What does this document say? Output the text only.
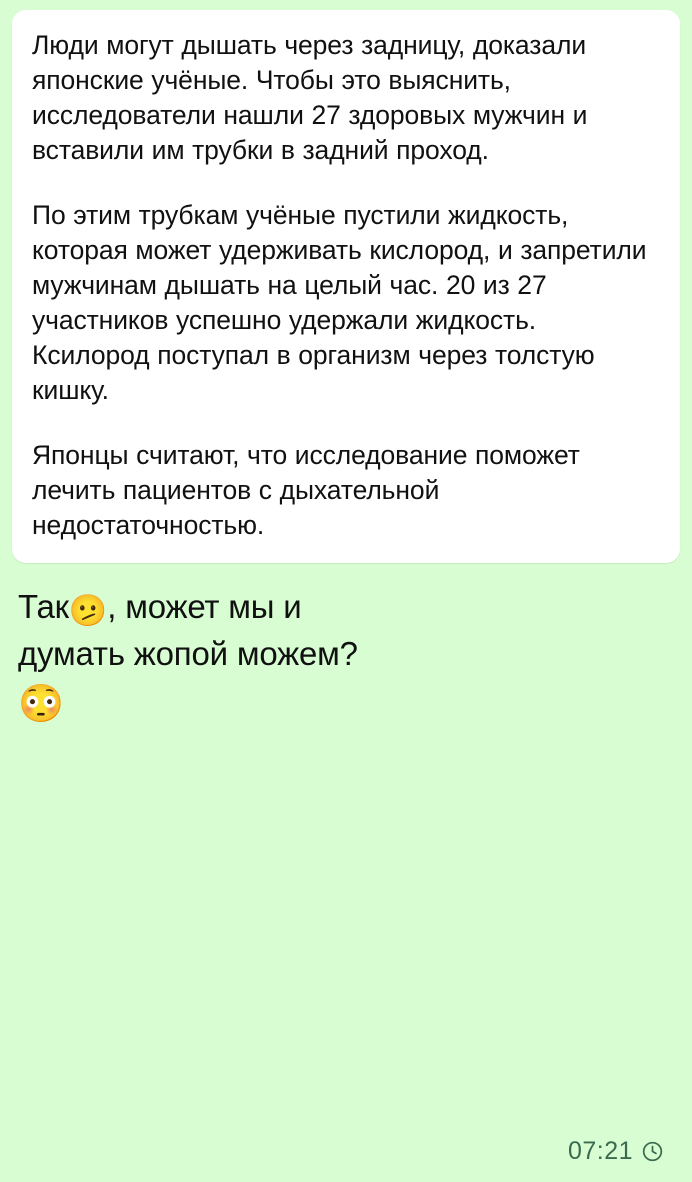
Люди могут дышать через задницу, доказали японские учёные. Чтобы это выяснить, исследователи нашли 27 здоровых мужчин и вставили им трубки в задний проход.

По этим трубкам учёные пустили жидкость, которая может удерживать кислород, и запретили мужчинам дышать на целый час. 20 из 27 участников успешно удержали жидкость. Ксилород поступал в организм через толстую кишку.

Японцы считают, что исследование поможет лечить пациентов с дыхательной недостаточностью.

Так🫤, может мы и
думать жопой можем?
😳
07:21
